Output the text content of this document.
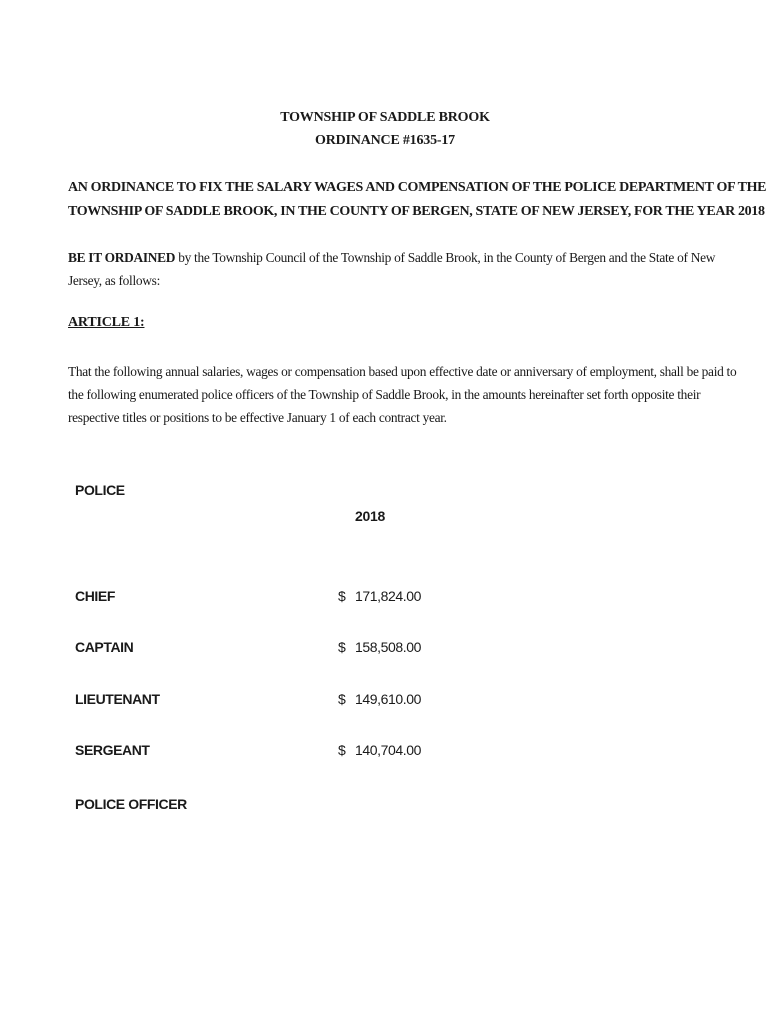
TOWNSHIP OF SADDLE BROOK
ORDINANCE #1635-17
AN ORDINANCE TO FIX THE SALARY WAGES AND COMPENSATION OF THE POLICE DEPARTMENT OF THE
TOWNSHIP OF SADDLE BROOK, IN THE COUNTY OF BERGEN, STATE OF NEW JERSEY, FOR THE YEAR 2018
BE IT ORDAINED by the Township Council of the Township of Saddle Brook, in the County of Bergen and the State of New
Jersey, as follows:
ARTICLE 1:
That the following annual salaries, wages or compensation based upon effective date or anniversary of employment, shall be paid to
the following enumerated police officers of the Township of Saddle Brook, in the amounts hereinafter set forth opposite their
respective titles or positions to be effective January 1 of each contract year.
POLICE
2018
CHIEF	$ 171,824.00
CAPTAIN	$ 158,508.00
LIEUTENANT	$ 149,610.00
SERGEANT	$ 140,704.00
POLICE OFFICER
